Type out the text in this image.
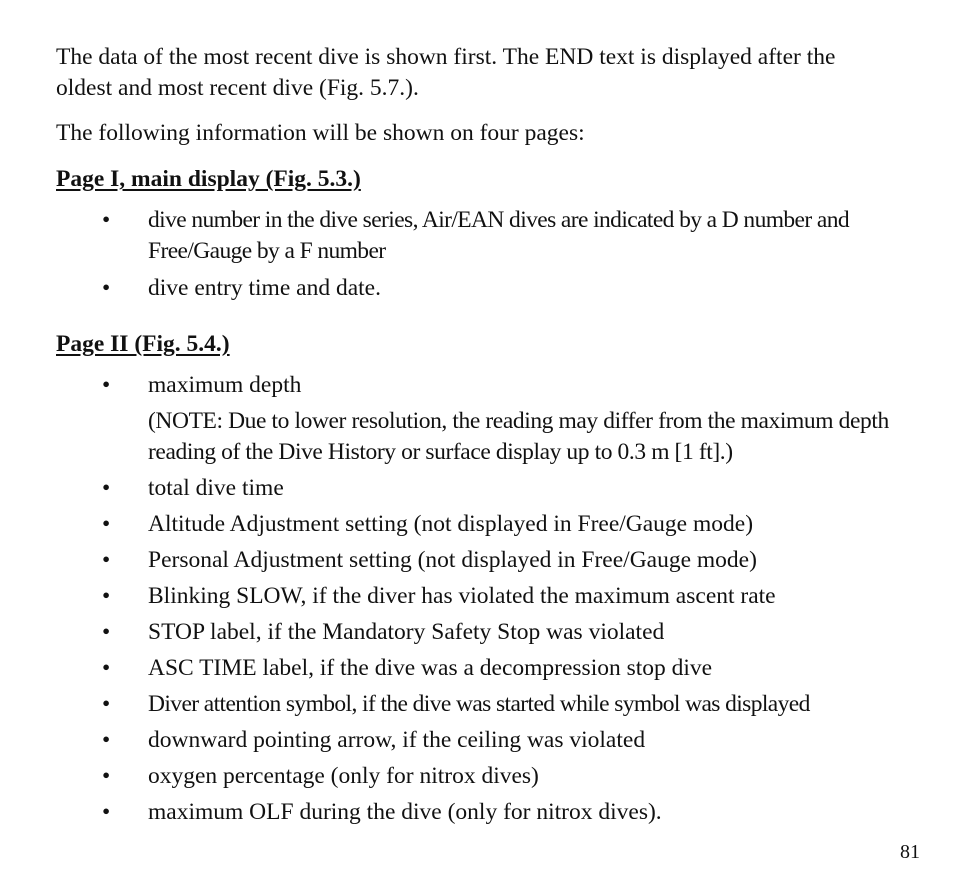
The data of the most recent dive is shown first. The END text is displayed after the oldest and most recent dive (Fig. 5.7.).

The following information will be shown on four pages:

Page I, main display (Fig. 5.3.)
•	dive number in the dive series, Air/EAN dives are indicated by a D number and Free/Gauge by a F number
•	dive entry time and date.
Page II (Fig. 5.4.)
•	maximum depth
(NOTE: Due to lower resolution, the reading may differ from the maximum depth reading of the Dive History or surface display up to 0.3 m [1 ft].)
•	total dive time
•	Altitude Adjustment setting (not displayed in Free/Gauge mode)
•	Personal Adjustment setting (not displayed in Free/Gauge mode)
•	Blinking SLOW, if the diver has violated the maximum ascent rate
•	STOP label, if the Mandatory Safety Stop was violated
•	ASC TIME label, if the dive was a decompression stop dive
•	Diver attention symbol, if the dive was started while symbol was displayed
•	downward pointing arrow, if the ceiling was violated
•	oxygen percentage (only for nitrox dives)
•	maximum OLF during the dive (only for nitrox dives).
81
